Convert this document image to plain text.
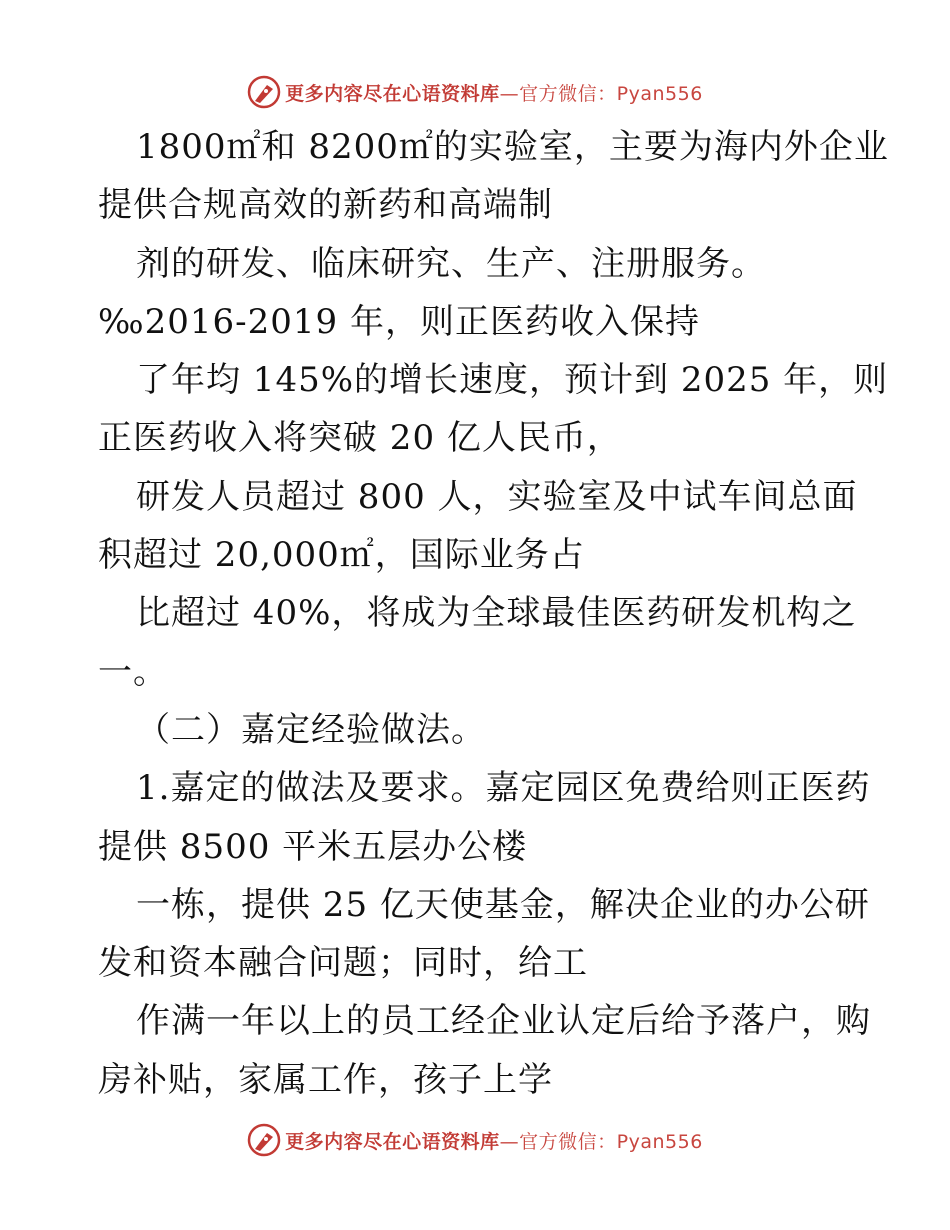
更多内容尽在心语资料库—官方微信：Pyan556
1800㎡和 8200㎡的实验室，主要为海内外企业
提供合规高效的新药和高端制
剂的研发、临床研究、生产、注册服务。
‰2016-2019 年，则正医药收入保持
了年均 145%的增长速度，预计到 2025 年，则
正医药收入将突破 20 亿人民币，
研发人员超过 800 人，实验室及中试车间总面
积超过 20,000㎡，国际业务占
比超过 40%，将成为全球最佳医药研发机构之
一。
（二）嘉定经验做法。
1.嘉定的做法及要求。嘉定园区免费给则正医药
提供 8500 平米五层办公楼
一栋，提供 25 亿天使基金，解决企业的办公研
发和资本融合问题；同时，给工
作满一年以上的员工经企业认定后给予落户，购
房补贴，家属工作，孩子上学
更多内容尽在心语资料库—官方微信：Pyan556
